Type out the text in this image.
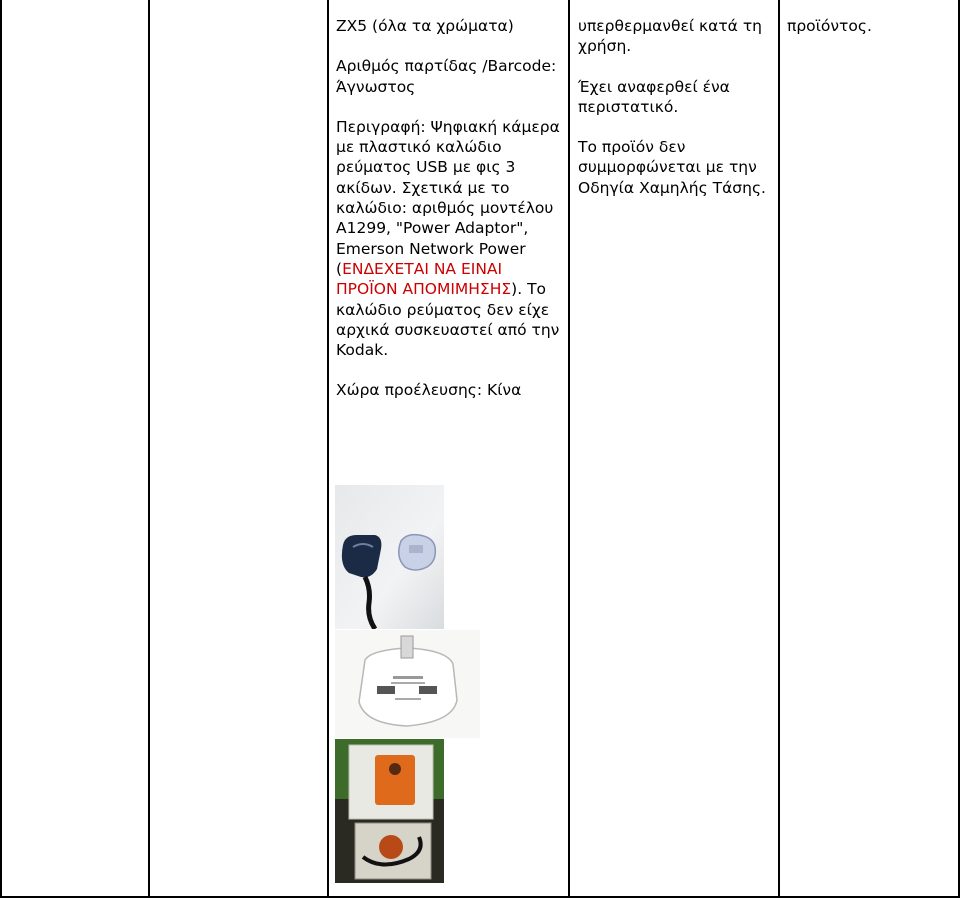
ZX5 (όλα τα χρώματα)

Αριθμός παρτίδας /Barcode:
Άγνωστος

Περιγραφή: Ψηφιακή κάμερα με πλαστικό καλώδιο ρεύματος USB με φις 3 ακίδων. Σχετικά με το καλώδιο: αριθμός μοντέλου A1299, "Power Adaptor", Emerson Network Power (ΕΝΔΕΧΕΤΑΙ ΝΑ ΕΙΝΑΙ ΠΡΟΪΟΝ ΑΠΟΜΙΜΗΣΗΣ). Το καλώδιο ρεύματος δεν είχε αρχικά συσκευαστεί από την Kodak.

Χώρα προέλευσης: Κίνα

υπερθερμανθεί κατά τη χρήση.

Έχει αναφερθεί ένα περιστατικό.

Το προϊόν δεν συμμορφώνεται με την Οδηγία Χαμηλής Τάσης.

προϊόντος.
